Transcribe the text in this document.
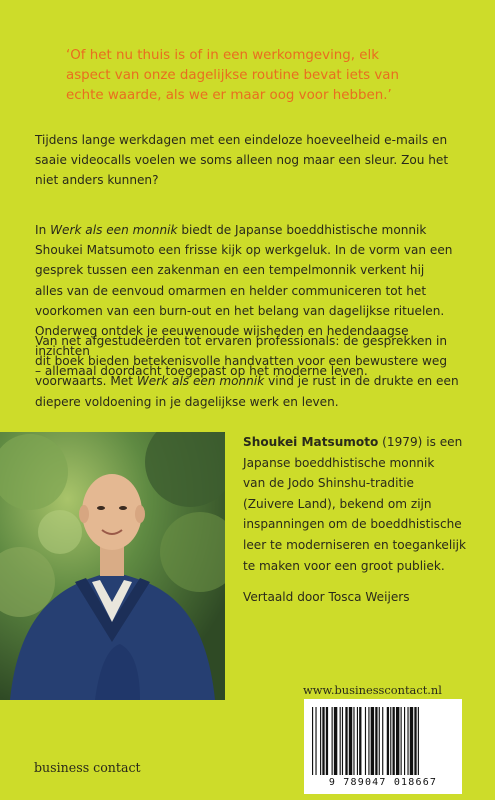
‘Of het nu thuis is of in een werkomgeving, elk
aspect van onze dagelijkse routine bevat iets van
echte waarde, als we er maar oog voor hebben.’
Tijdens lange werkdagen met een eindeloze hoeveelheid e-mails en
saaie videocalls voelen we soms alleen nog maar een sleur. Zou het
niet anders kunnen?
In Werk als een monnik biedt de Japanse boeddhistische monnik
Shoukei Matsumoto een frisse kijk op werkgeluk. In de vorm van een
gesprek tussen een zakenman en een tempelmonnik verkent hij
alles van de eenvoud omarmen en helder communiceren tot het
voorkomen van een burn-out en het belang van dagelijkse rituelen.
Onderweg ontdek je eeuwenoude wijsheden en hedendaagse inzichten
– allemaal doordacht toegepast op het moderne leven.
Van net afgestudeerden tot ervaren professionals: de gesprekken in
dit boek bieden betekenisvolle handvatten voor een bewustere weg
voorwaarts. Met Werk als een monnik vind je rust in de drukte en een
diepere voldoening in je dagelijkse werk en leven.
Shoukei Matsumoto (1979) is een
Japanse boeddhistische monnik
van de Jodo Shinshu-traditie
(Zuivere Land), bekend om zijn
inspanningen om de boeddhistische
leer te moderniseren en toegankelijk
te maken voor een groot publiek.
Vertaald door Tosca Weijers
www.businesscontact.nl
business contact
9 789047 018667
